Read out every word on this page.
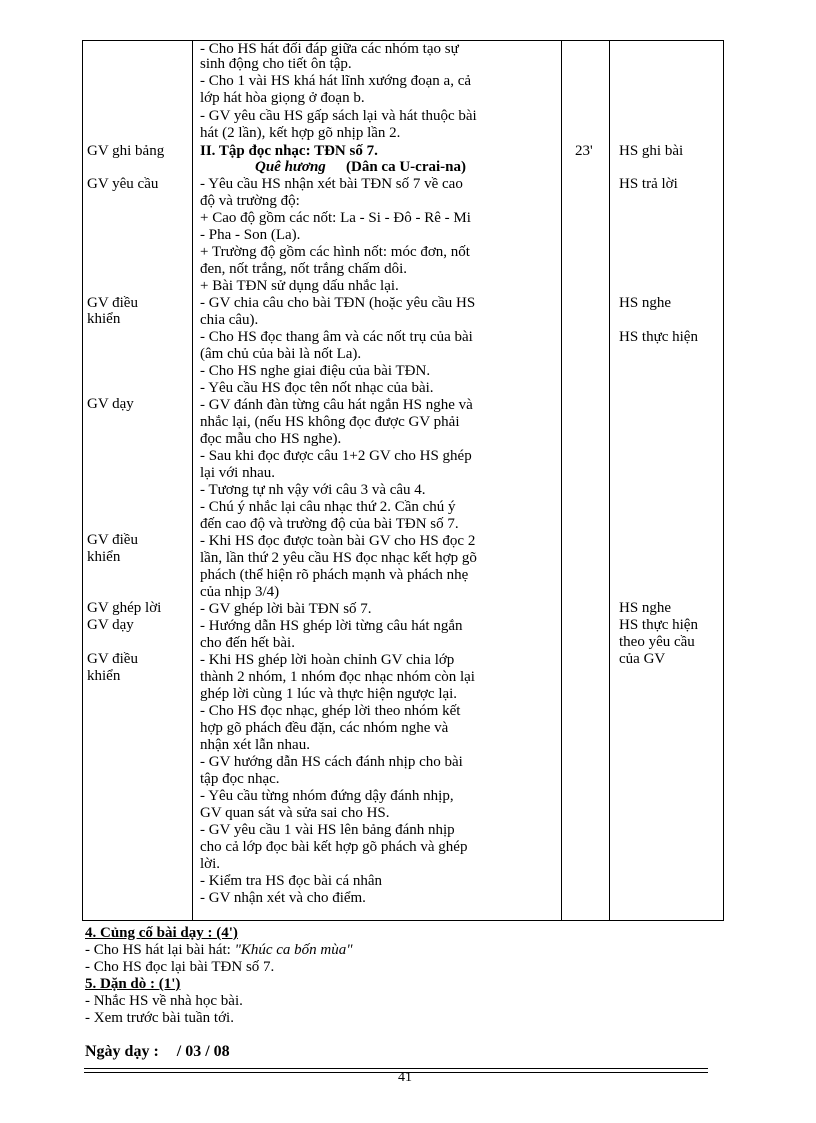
GV ghi bảng
GV yêu cầu
GV điều
khiển
GV dạy
GV điều
khiển
GV ghép lời
GV dạy
GV điều
khiển
- Cho HS hát đối đáp giữa các nhóm tạo sự
sinh động cho tiết ôn tập.
- Cho 1 vài HS khá hát lĩnh xướng đoạn a, cả
lớp hát hòa giọng ở đoạn b.
- GV yêu cầu HS gấp sách lại và hát thuộc bài
hát (2 lần), kết hợp gõ nhịp lần 2.
II. Tập đọc nhạc: TĐN số 7.
Quê hương (Dân ca U-crai-na)
- Yêu cầu HS nhận xét bài TĐN số 7 về cao
độ và trường độ:
+ Cao độ gồm các nốt: La - Si - Đô - Rê - Mi
- Pha - Son (La).
+ Trường độ gồm các hình nốt: móc đơn, nốt
đen, nốt trắng, nốt trắng chấm dôi.
+ Bài TĐN sử dụng dấu nhắc lại.
- GV chia câu cho bài TĐN (hoặc yêu cầu HS
chia câu).
- Cho HS đọc thang âm và các nốt trụ của bài
(âm chủ của bài là nốt La).
- Cho HS nghe giai điệu của bài TĐN.
- Yêu cầu HS đọc tên nốt nhạc của bài.
- GV đánh đàn từng câu hát ngắn HS nghe và
nhắc lại, (nếu HS không đọc được GV phải
đọc mẫu cho HS nghe).
- Sau khi đọc được câu 1+2 GV cho HS ghép
lại với nhau.
- Tương tự nh vậy với câu 3 và câu 4.
- Chú ý nhắc lại câu nhạc thứ 2. Cần chú ý
đến cao độ và trường độ của bài TĐN số 7.
- Khi HS đọc được toàn bài GV cho HS đọc 2
lần, lần thứ 2 yêu cầu HS đọc nhạc kết hợp gõ
phách (thể hiện rõ phách mạnh và phách nhẹ
của nhịp 3/4)
- GV ghép lời bài TĐN số 7.
- Hướng dẫn HS ghép lời từng câu hát ngắn
cho đến hết bài.
- Khi HS ghép lời hoàn chỉnh GV chia lớp
thành 2 nhóm, 1 nhóm đọc nhạc nhóm còn lại
ghép lời cùng 1 lúc và thực hiện ngược lại.
- Cho HS đọc nhạc, ghép lời theo nhóm kết
hợp gõ phách đều đặn, các nhóm nghe và
nhận xét lẫn nhau.
- GV hướng dẫn HS cách đánh nhịp cho bài
tập đọc nhạc.
- Yêu cầu từng nhóm đứng dậy đánh nhịp,
GV quan sát và sửa sai cho HS.
- GV yêu cầu 1 vài HS lên bảng đánh nhịp
cho cả lớp đọc bài kết hợp gõ phách và ghép
lời.
- Kiểm tra HS đọc bài cá nhân
- GV nhận xét và cho điểm.
23' HS ghi bài
HS trả lời
HS nghe
HS thực hiện
HS nghe
HS thực hiện
theo yêu cầu
của GV
4. Củng cố bài dạy : (4')
- Cho HS hát lại bài hát: "Khúc ca bốn mùa"
- Cho HS đọc lại bài TĐN số 7.
5. Dặn dò : (1')
- Nhắc HS về nhà học bài.
- Xem trước bài tuần tới.
Ngày dạy : / 03 / 08
41
